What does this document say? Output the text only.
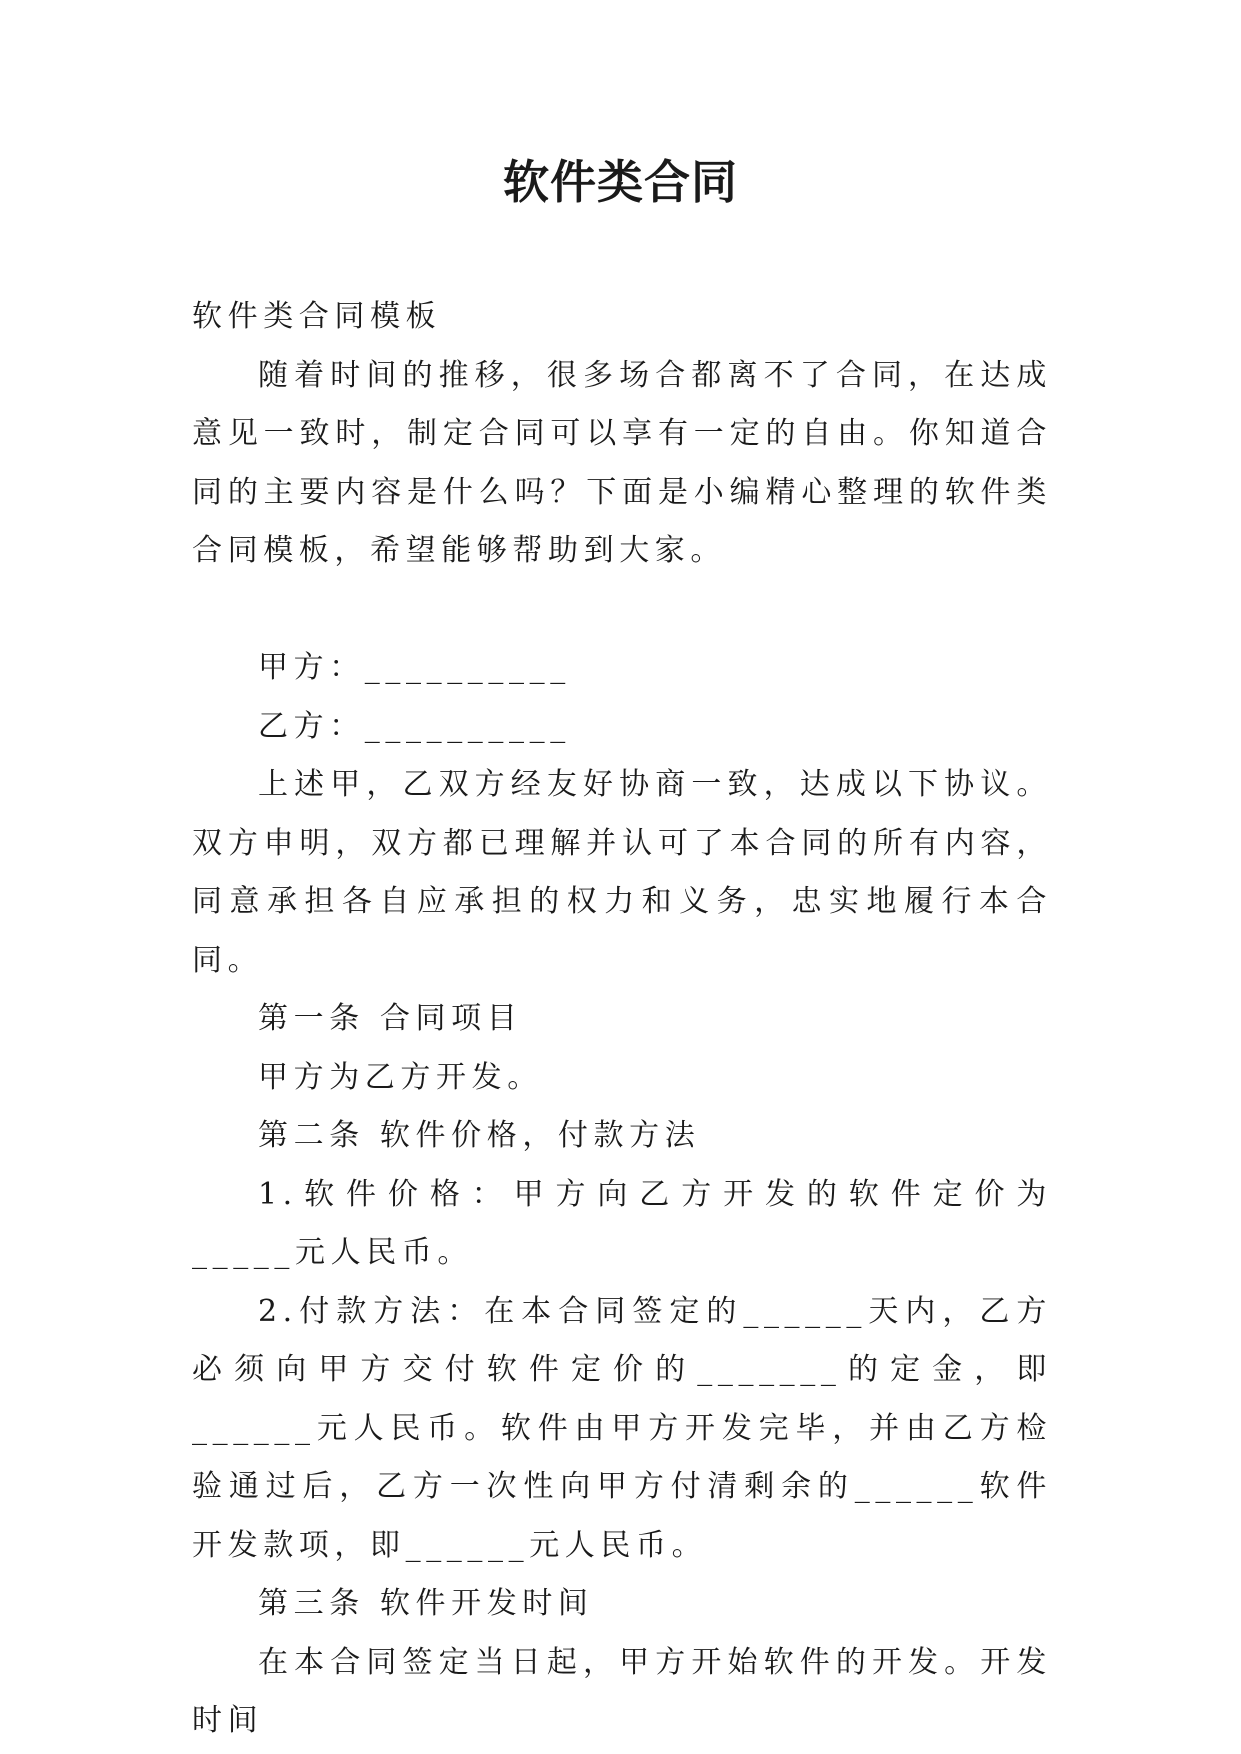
软件类合同

软件类合同模板

随着时间的推移，很多场合都离不了合同，在达成意见一致时，制定合同可以享有一定的自由。你知道合同的主要内容是什么吗？下面是小编精心整理的软件类合同模板，希望能够帮助到大家。

甲方：__________

乙方：__________

上述甲，乙双方经友好协商一致，达成以下协议。双方申明，双方都已理解并认可了本合同的所有内容，同意承担各自应承担的权力和义务，忠实地履行本合同。

第一条 合同项目

甲方为乙方开发。

第二条 软件价格，付款方法

1.软件价格：甲方向乙方开发的软件定价为 _____元人民币。

2.付款方法：在本合同签定的______天内，乙方必须向甲方交付软件定价的_______的定金，即______元人民币。软件由甲方开发完毕，并由乙方检验通过后，乙方一次性向甲方付清剩余的______软件开发款项，即______元人民币。

第三条 软件开发时间

在本合同签定当日起，甲方开始软件的开发。开发时间
